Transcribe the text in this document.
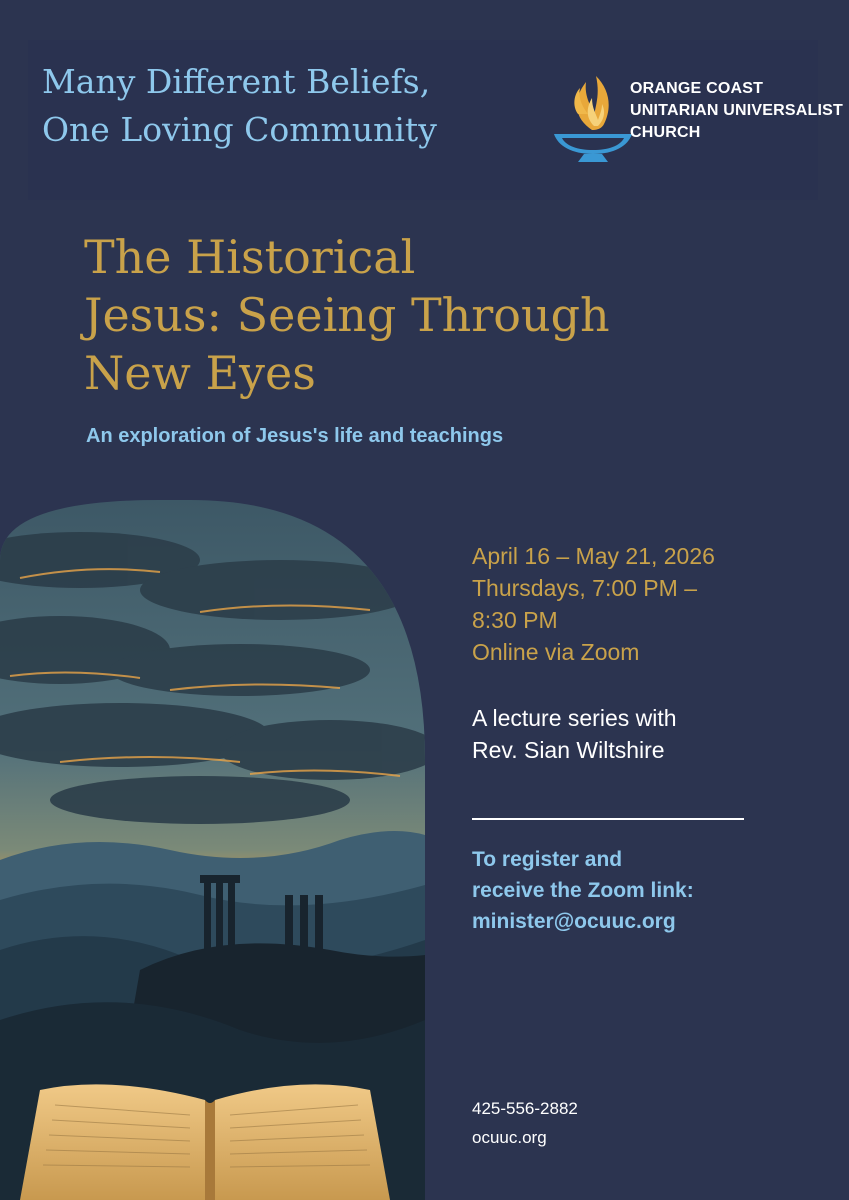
Many Different Beliefs,
One Loving Community
ORANGE COAST
UNITARIAN UNIVERSALIST
CHURCH
The Historical
Jesus: Seeing Through
New Eyes

An exploration of Jesus's life and teachings

April 16 – May 21, 2026
Thursdays, 7:00 PM –
8:30 PM
Online via Zoom

A lecture series with
Rev. Sian Wiltshire

To register and
receive the Zoom link:
minister@ocuuc.org

425-556-2882
ocuuc.org
